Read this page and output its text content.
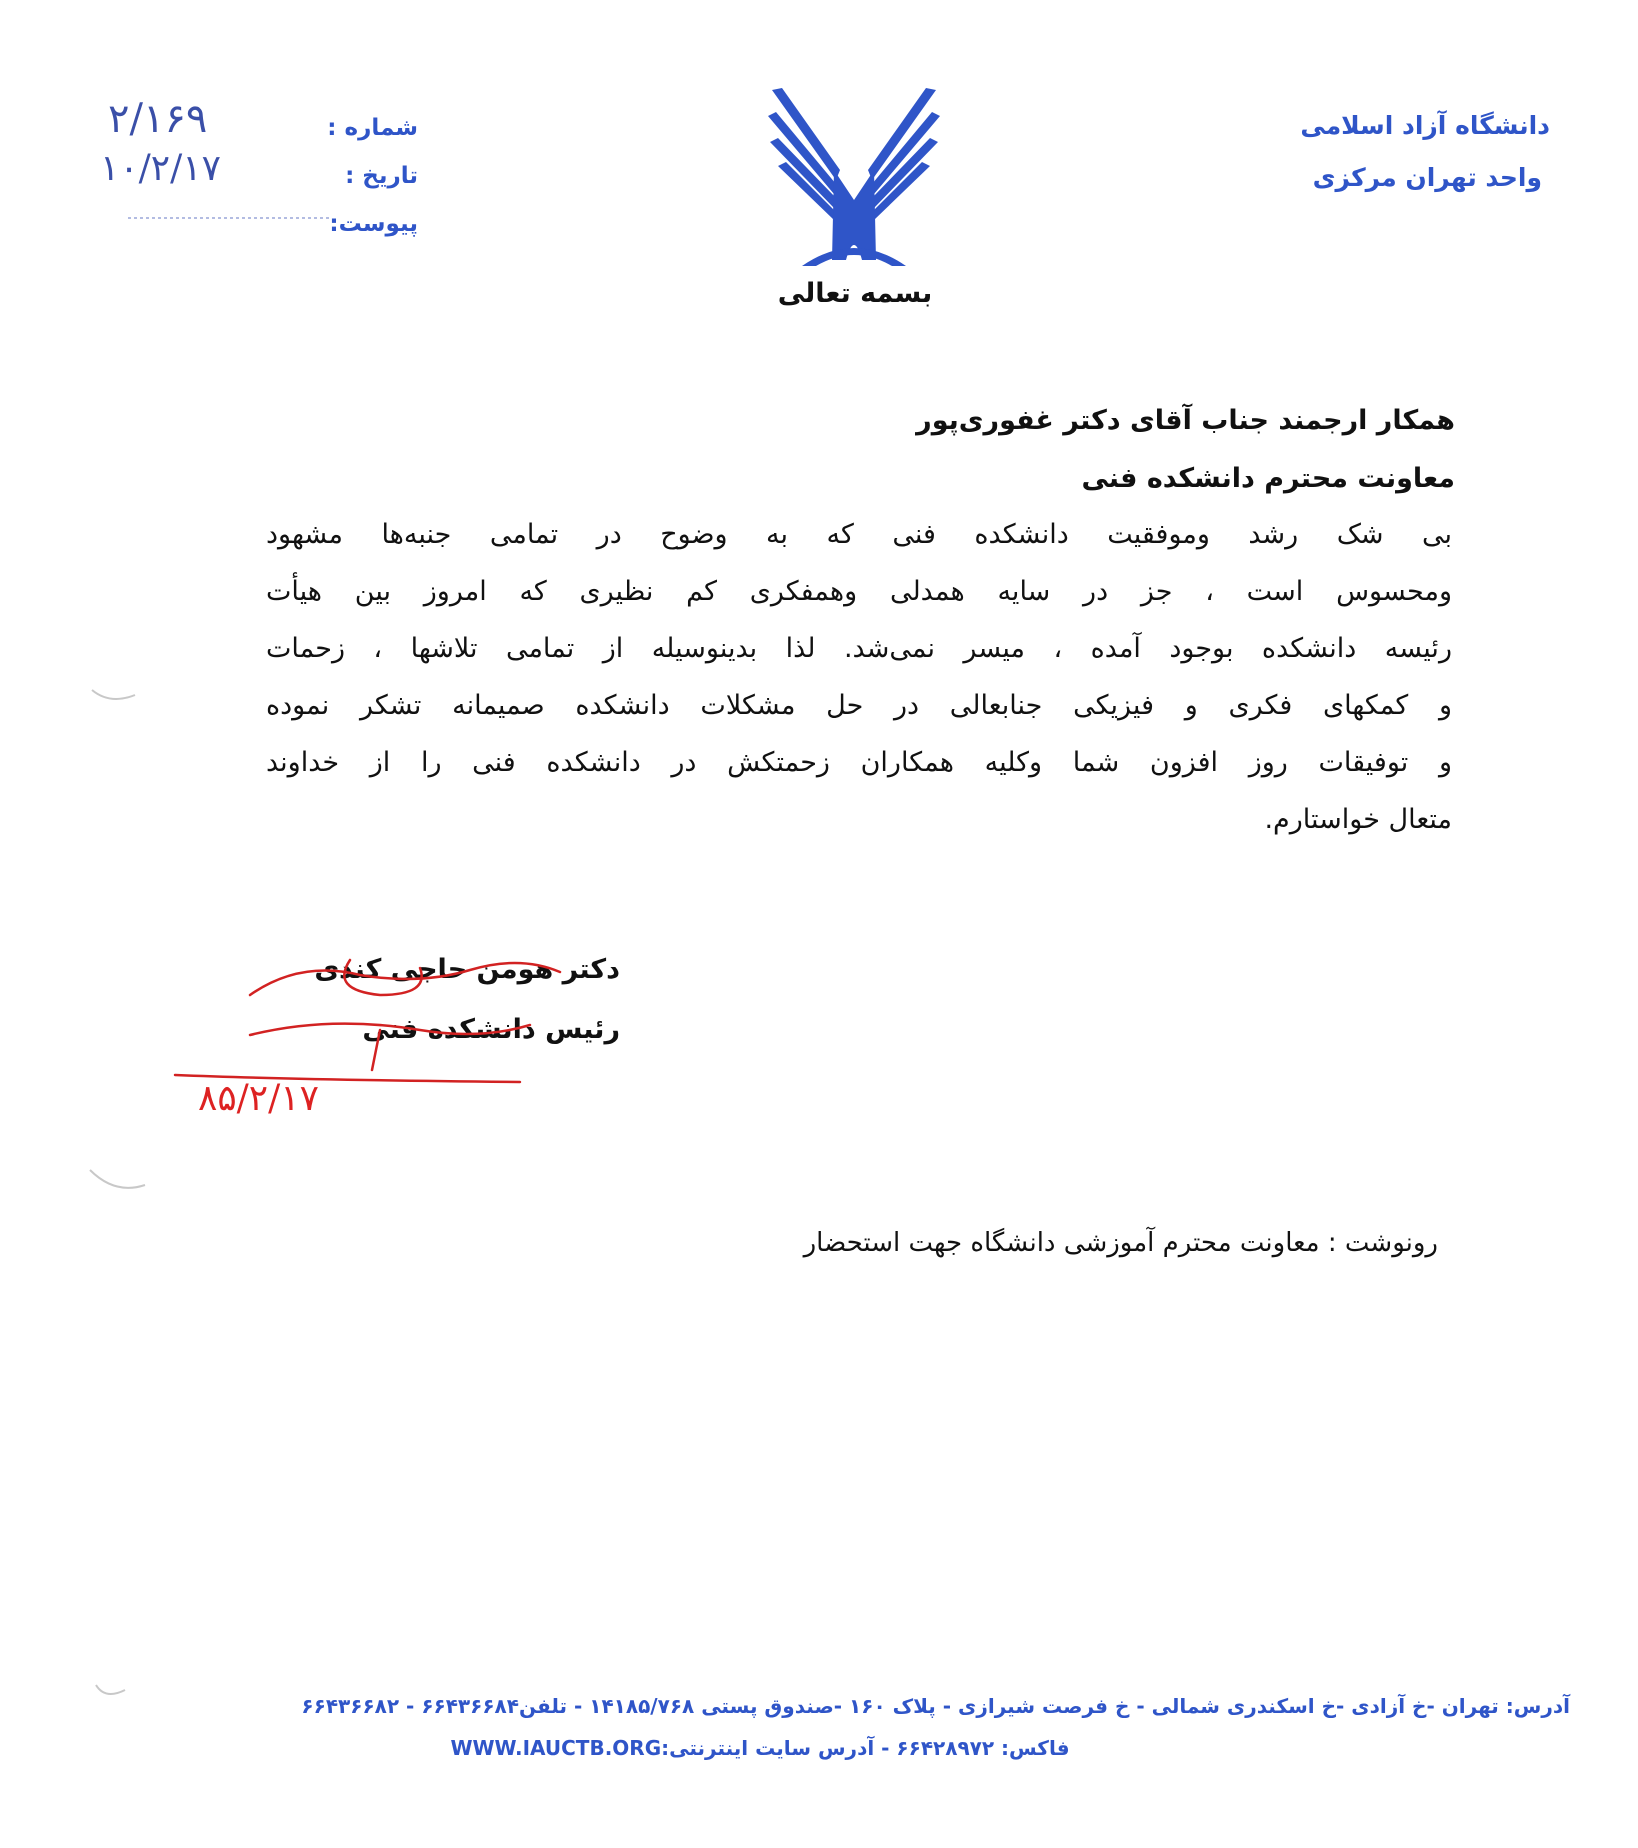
دانشگاه آزاد اسلامی
واحد تهران مرکزی
شماره :
تاریخ :
پیوست:
۲/۱۶۹
۱۰/۲/۱۷
بسمه تعالی
همکار ارجمند جناب آقای دکتر غفوری‌پور
معاونت محترم دانشکده فنی
بی شک رشد وموفقیت دانشکده فنی که به وضوح در تمامی جنبه‌ها مشهود
ومحسوس است ، جز در سایه همدلی وهمفکری کم نظیری که امروز بین هیأت
رئیسه دانشکده بوجود آمده ، میسر نمی‌شد. لذا بدینوسیله از تمامی تلاشها ، زحمات
و کمکهای فکری و فیزیکی جنابعالی در حل مشکلات دانشکده صمیمانه تشکر نموده
و توفیقات روز افزون شما وکلیه همکاران زحمتکش در دانشکده فنی را از خداوند
متعال خواستارم.
دکتر هومن حاجی کندی
رئیس دانشکده فنی
۸۵/۲/۱۷
رونوشت : معاونت محترم آموزشی دانشگاه جهت استحضار
آدرس: تهران -خ آزادی -خ اسکندری شمالی - خ فرصت شیرازی - پلاک ۱۶۰ -صندوق پستی ۱۴۱۸۵/۷۶۸ - تلفن۶۶۴۳۶۶۸۴ - ۶۶۴۳۶۶۸۲
فاکس: ۶۶۴۲۸۹۷۲ - آدرس سایت اینترنتی:WWW.IAUCTB.ORG
